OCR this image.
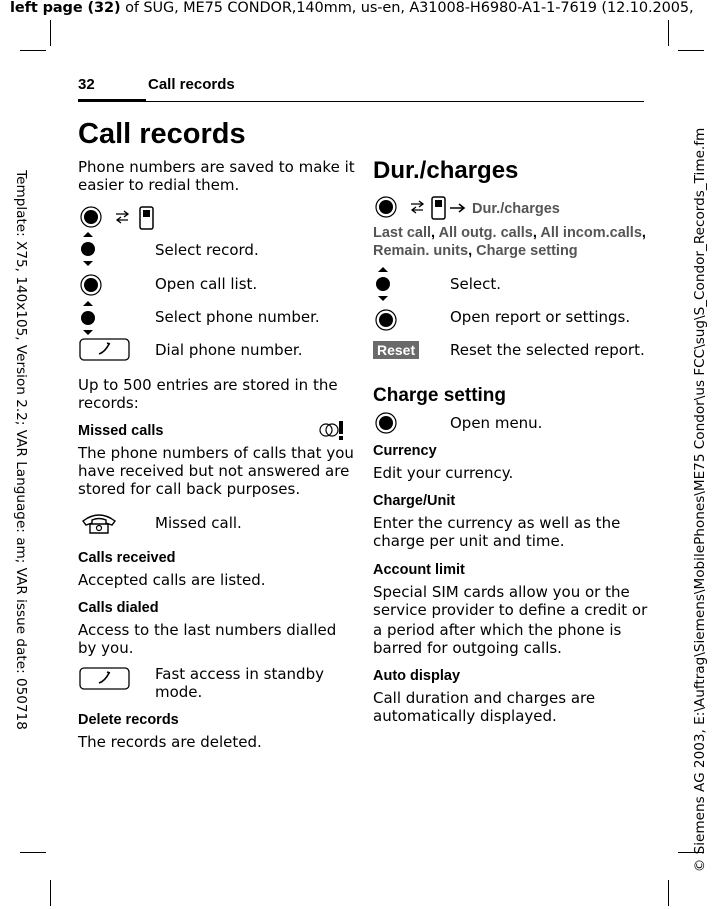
left page (32) of SUG, ME75 CONDOR,140mm, us-en, A31008-H6980-A1-1-7619 (12.10.2005,
Template: X75, 140x105, Version 2.2; VAR Language: am; VAR issue date: 050718	© Siemens AG 2003, E:\Auftrag\Siemens\MobilePhones\ME75 Condor\us FCC\sug\S_Condor_Records_Time.fm
32	Call records
Call records
Phone numbers are saved to make it
easier to redial them.
Select record.
Open call list.
Select phone number.
Dial phone number.
Up to 500 entries are stored in the
records:
Missed calls
The phone numbers of calls that you
have received but not answered are
stored for call back purposes.
Missed call.
Calls received
Accepted calls are listed.
Calls dialed
Access to the last numbers dialled
by you.
Fast access in standby
mode.
Delete records
The records are deleted.
Dur./charges
Dur./charges
Last call, All outg. calls, All incom.calls,
Remain. units, Charge setting
Select.
Open report or settings.
Reset Reset the selected report.
Charge setting
Open menu.
Currency
Edit your currency.
Charge/Unit
Enter the currency as well as the
charge per unit and time.
Account limit
Special SIM cards allow you or the
service provider to define a credit or
a period after which the phone is
barred for outgoing calls.
Auto display
Call duration and charges are
automatically displayed.
